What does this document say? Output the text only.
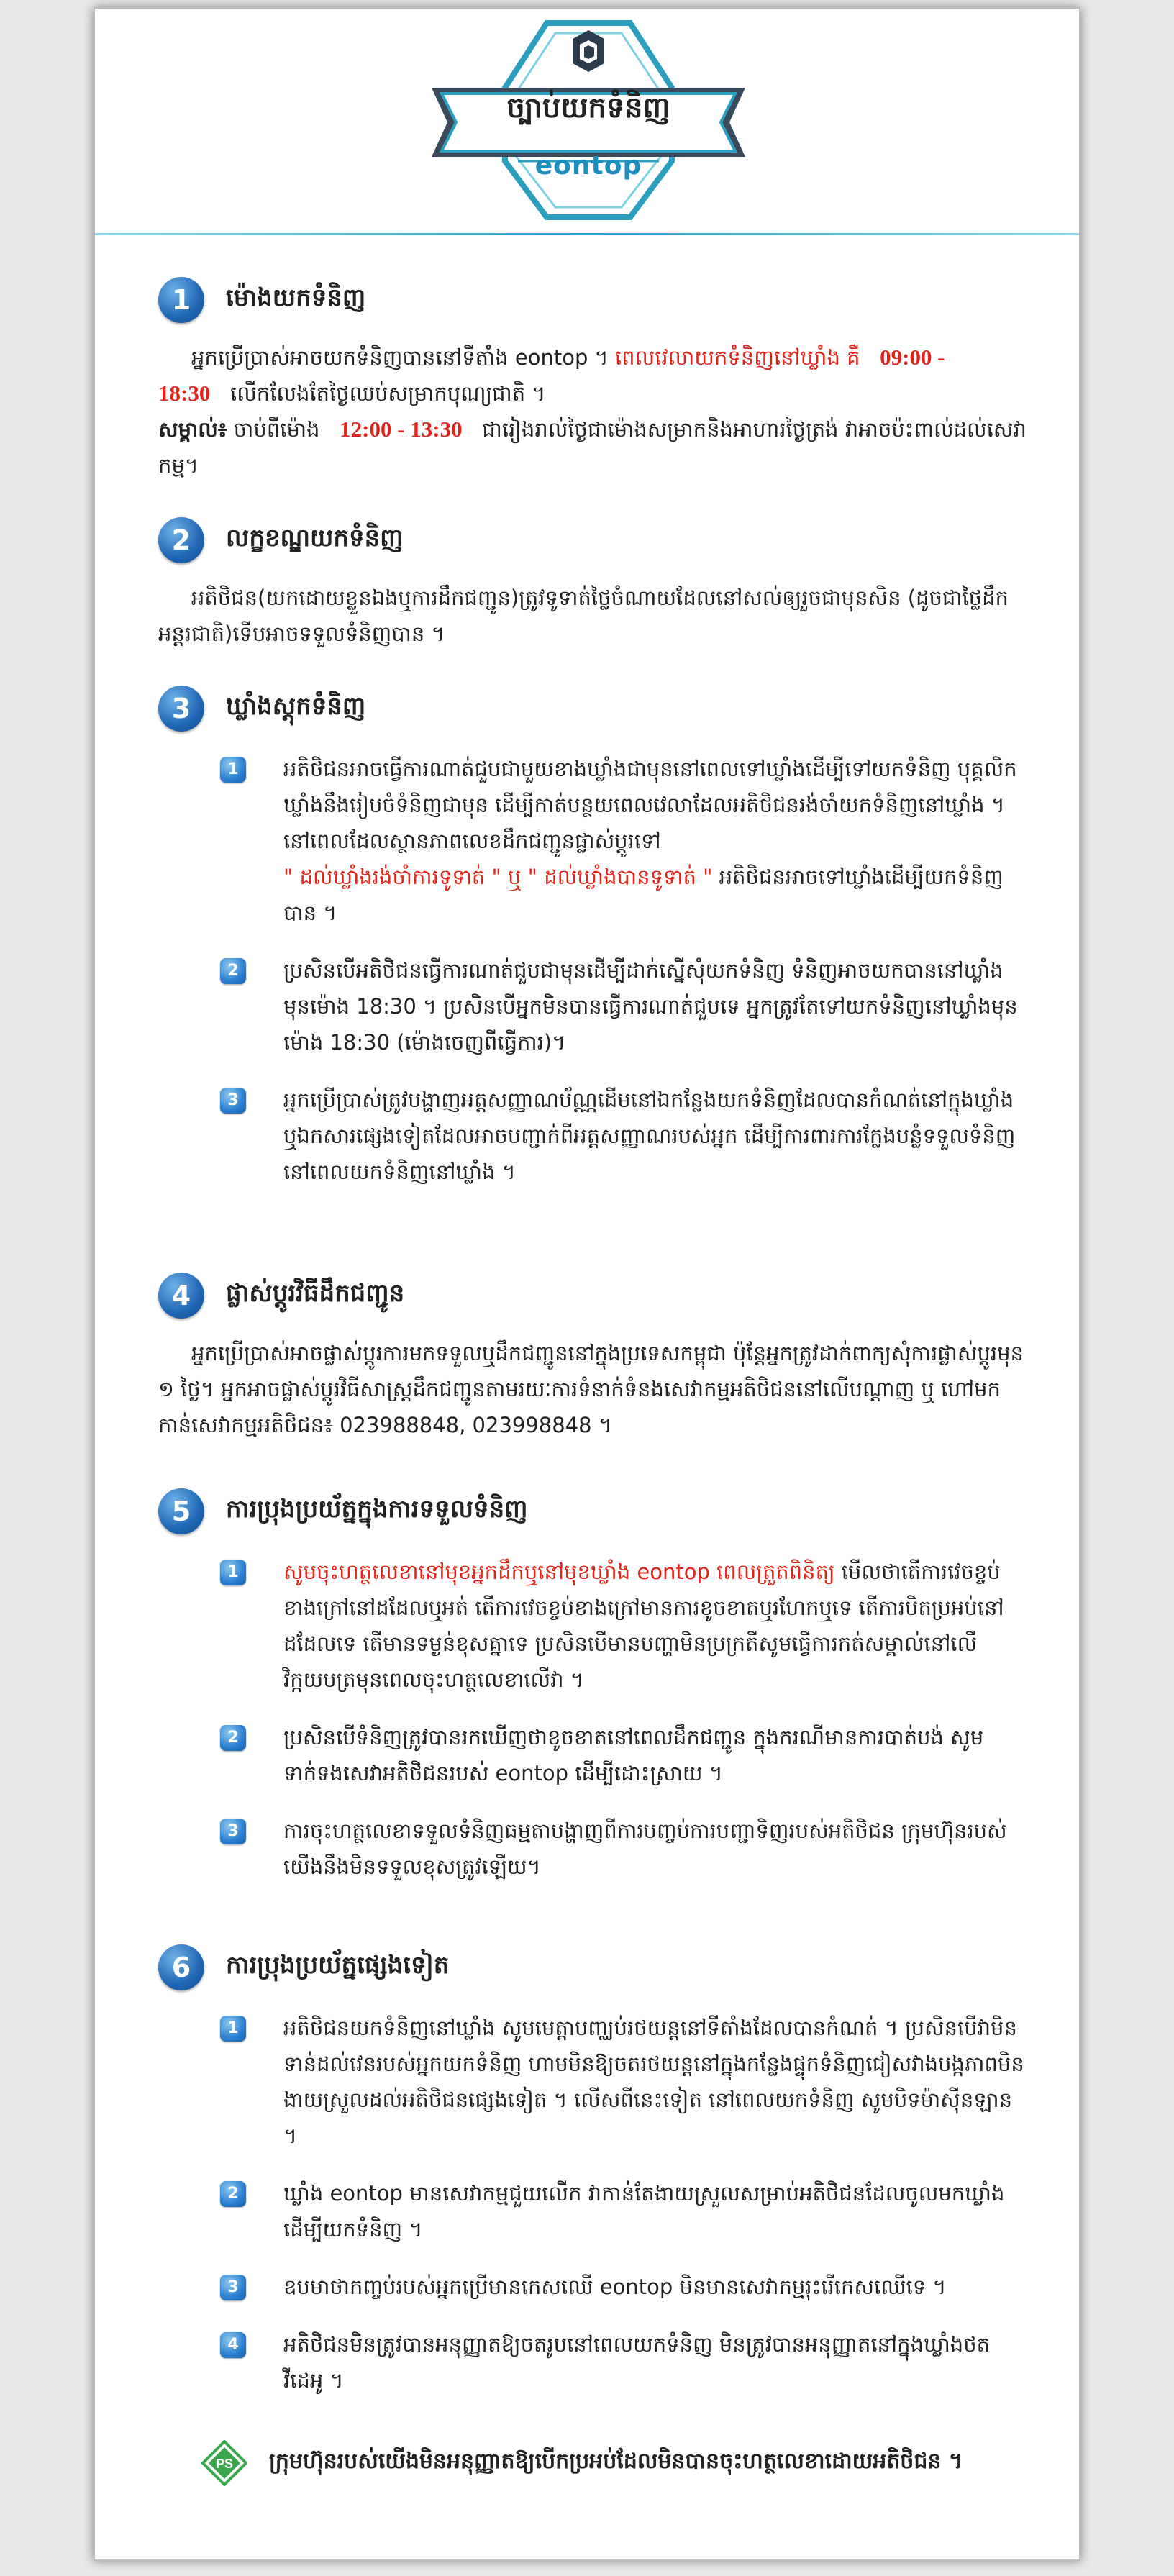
ច្បាប់យកទំនិញ
eontop
1	ម៉ោងយកទំនិញ
អ្នកប្រើប្រាស់អាចយកទំនិញបាននៅទីតាំង eontop ។ ពេលវេលាយកទំនិញនៅឃ្លាំង គឺ 09:00 - 18:30 លើកលែងតែថ្ងៃឈប់សម្រាកបុណ្យជាតិ ។
សម្គាល់៖ ចាប់ពីម៉ោង 12:00 - 13:30 ជារៀងរាល់ថ្ងៃជាម៉ោងសម្រាកនិងអាហារថ្ងៃត្រង់ វាអាចប៉ះពាល់ដល់សេវាកម្ម។
2	លក្ខខណ្ឌយកទំនិញ
អតិថិជន(យកដោយខ្លួនឯងឬការដឹកជញ្ជូន)ត្រូវទូទាត់ថ្លៃចំណាយដែលនៅសល់ឲ្យរួចជាមុនសិន (ដូចជាថ្លៃដឹកអន្តរជាតិ)ទើបអាចទទួលទំនិញបាន ។
3	ឃ្លាំងស្តុកទំនិញ
1	អតិថិជនអាចធ្វើការណាត់ជួបជាមួយខាងឃ្លាំងជាមុននៅពេលទៅឃ្លាំងដើម្បីទៅយកទំនិញ បុគ្គលិកឃ្លាំងនឹងរៀបចំទំនិញជាមុន ដើម្បីកាត់បន្ថយពេលវេលាដែលអតិថិជនរង់ចាំយកទំនិញនៅឃ្លាំង ។ នៅពេលដែលស្ថានភាពលេខដឹកជញ្ជូនផ្លាស់ប្តូរទៅ
" ដល់ឃ្លាំងរង់ចាំការទូទាត់ " ឬ " ដល់ឃ្លាំងបានទូទាត់ " អតិថិជនអាចទៅឃ្លាំងដើម្បីយកទំនិញបាន ។
2	ប្រសិនបើអតិថិជនធ្វើការណាត់ជួបជាមុនដើម្បីដាក់ស្នើសុំយកទំនិញ ទំនិញអាចយកបាននៅឃ្លាំងមុនម៉ោង 18:30 ។ ប្រសិនបើអ្នកមិនបានធ្វើការណាត់ជួបទេ អ្នកត្រូវតែទៅយកទំនិញនៅឃ្លាំងមុនម៉ោង 18:30 (ម៉ោងចេញពីធ្វើការ)។
3	អ្នកប្រើប្រាស់ត្រូវបង្ហាញអត្តសញ្ញាណប័ណ្ណដើមនៅឯកន្លែងយកទំនិញដែលបានកំណត់នៅក្នុងឃ្លាំង ឬឯកសារផ្សេងទៀតដែលអាចបញ្ជាក់ពីអត្តសញ្ញាណរបស់អ្នក ដើម្បីការពារការក្លែងបន្លំទទួលទំនិញនៅពេលយកទំនិញនៅឃ្លាំង ។
4	ផ្លាស់ប្តូរវិធីដឹកជញ្ជូន
អ្នកប្រើប្រាស់អាចផ្លាស់ប្តូរការមកទទួលឬដឹកជញ្ជូននៅក្នុងប្រទេសកម្ពុជា ប៉ុន្តែអ្នកត្រូវដាក់ពាក្យសុំការផ្លាស់ប្តូរមុន ១ ថ្ងៃ។ អ្នកអាចផ្លាស់ប្តូរវិធីសាស្រ្តដឹកជញ្ជូនតាមរយៈការទំនាក់ទំនងសេវាកម្មអតិថិជននៅលើបណ្តាញ ឬ ហៅមកកាន់សេវាកម្មអតិថិជន៖ 023988848, 023998848 ។
5	ការប្រុងប្រយ័ត្នក្នុងការទទួលទំនិញ
1	សូមចុះហត្ថលេខានៅមុខអ្នកដឹកឬនៅមុខឃ្លាំង eontop ពេលត្រួតពិនិត្យ មើលថាតើការវេចខ្ចប់ខាងក្រៅនៅដដែលឬអត់ តើការវេចខ្ចប់ខាងក្រៅមានការខូចខាតឬរហែកឬទេ តើការបិតប្រអប់នៅដដែលទេ តើមានទម្ងន់ខុសគ្នាទេ ប្រសិនបើមានបញ្ហាមិនប្រក្រតីសូមធ្វើការកត់សម្គាល់នៅលើវិក្កយបត្រមុនពេលចុះហត្ថលេខាលើវា ។
2	ប្រសិនបើទំនិញត្រូវបានរកឃើញថាខូចខាតនៅពេលដឹកជញ្ជូន ក្នុងករណីមានការបាត់បង់ សូមទាក់ទងសេវាអតិថិជនរបស់ eontop ដើម្បីដោះស្រាយ ។
3	ការចុះហត្ថលេខាទទួលទំនិញធម្មតាបង្ហាញពីការបញ្ចប់ការបញ្ជាទិញរបស់អតិថិជន ក្រុមហ៊ុនរបស់យើងនឹងមិនទទួលខុសត្រូវឡើយ។
6	ការប្រុងប្រយ័ត្នផ្សេងទៀត
1	អតិថិជនយកទំនិញនៅឃ្លាំង សូមមេត្តាបញ្ឈប់រថយន្តនៅទីតាំងដែលបានកំណត់ ។ ប្រសិនបើវាមិនទាន់ដល់វេនរបស់អ្នកយកទំនិញ ហាមមិនឱ្យចតរថយន្តនៅក្នុងកន្លែងផ្ទុកទំនិញជៀសវាងបង្កភាពមិនងាយស្រួលដល់អតិថិជនផ្សេងទៀត ។ លើសពីនេះទៀត នៅពេលយកទំនិញ សូមបិទម៉ាស៊ីនឡាន ។
2	ឃ្លាំង eontop មានសេវាកម្មជួយលើក វាកាន់តែងាយស្រួលសម្រាប់អតិថិជនដែលចូលមកឃ្លាំងដើម្បីយកទំនិញ ។
3	ឧបមាថាកញ្ចប់របស់អ្នកប្រើមានកេសឈើ eontop មិនមានសេវាកម្មរុះរើកេសឈើទេ ។
4	អតិថិជនមិនត្រូវបានអនុញ្ញាតឱ្យចតរូបនៅពេលយកទំនិញ មិនត្រូវបានអនុញ្ញាតនៅក្នុងឃ្លាំងថតវីដេអូ ។
PS ក្រុមហ៊ុនរបស់យើងមិនអនុញ្ញាតឱ្យបើកប្រអប់ដែលមិនបានចុះហត្ថលេខាដោយអតិថិជន ។
